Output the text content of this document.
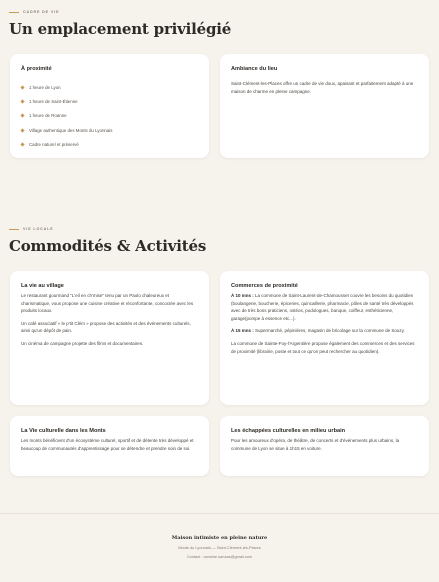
CADRE DE VIE
Un emplacement privilégié
À proximité
1 heure de Lyon
1 heure de Saint-Étienne
1 heure de Roanne
Village authentique des Monts du Lyonnais
Cadre naturel et préservé
Ambiance du lieu

Saint-Clément-les-Places offre un cadre de vie doux, apaisant et parfaitement adapté à une maison de charme en pleine campagne.

VIE LOCALE
Commodités & Activités
La vie au village

Le restaurant gourmand "L'eil en ch'mise" tenu par un Paolo chaleureux et charismatique, vous propose une cuisine créative et réconfortante, concoctée avec les produits locaux.

Un café associatif « le p'tit Clém » propose des activités et des événements culturels, ainsi qu'un dépôt de pain.

Un cinéma de campagne projette des films et documentaires.

Commerces de proximité

À 10 mns : La commune de Saint-Laurent-de-Chamousset couvre les besoins du quotidien (boulangerie, boucherie, épiceries, quincaillerie, pharmacie, pôles de santé très développés avec de très bons praticiens, ostéos, podologues, banque, coiffeur, esthéticienne, garage(pompe à essence etc...).

À 15 mns : Supermarché, pépinières, magasin de bricolage sur la commune de Souzy.

La commune de Sainte-Foy-l'Argentière propose également des commerces et des services de proximité (librairie, poste et tout ce qu'on peut rechercher au quotidien).

La Vie culturelle dans les Monts

Les monts bénéficient d'un écosystème culturel, sportif et de détente très développé et beaucoup de communautés d'apprentissage pour se détendre et prendre soin de soi.

Les échappées culturelles en milieu urbain

Pour les amoureux d'opéra, de théâtre, de concerts et d'événements plus urbains, la commune de Lyon se situe à 1h15 en voiture.

Maison intimiste en pleine nature
Monts du Lyonnais — Saint-Clément-les-Places
Contact : caroline.sanzas@gmail.com
